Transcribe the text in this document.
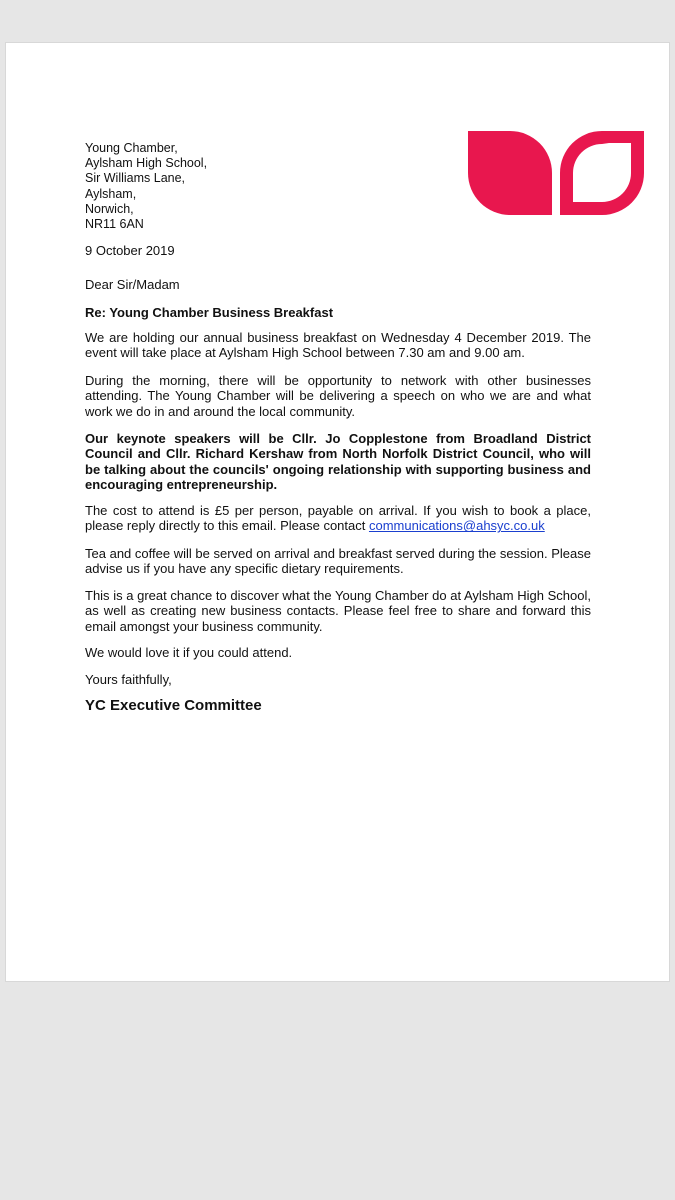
Young Chamber,
Aylsham High School,
Sir Williams Lane,
Aylsham,
Norwich,
NR11 6AN
9 October 2019
Dear Sir/Madam
Re: Young Chamber Business Breakfast
We are holding our annual business breakfast on Wednesday 4 December 2019. The event will take place at Aylsham High School between 7.30 am and 9.00 am.
During the morning, there will be opportunity to network with other businesses attending. The Young Chamber will be delivering a speech on who we are and what work we do in and around the local community.
Our keynote speakers will be Cllr. Jo Copplestone from Broadland District Council and Cllr. Richard Kershaw from North Norfolk District Council, who will be talking about the councils' ongoing relationship with supporting business and encouraging entrepreneurship.
The cost to attend is £5 per person, payable on arrival. If you wish to book a place, please reply directly to this email. Please contact communications@ahsyc.co.uk
Tea and coffee will be served on arrival and breakfast served during the session. Please advise us if you have any specific dietary requirements.
This is a great chance to discover what the Young Chamber do at Aylsham High School, as well as creating new business contacts. Please feel free to share and forward this email amongst your business community.
We would love it if you could attend.
Yours faithfully,
YC Executive Committee
